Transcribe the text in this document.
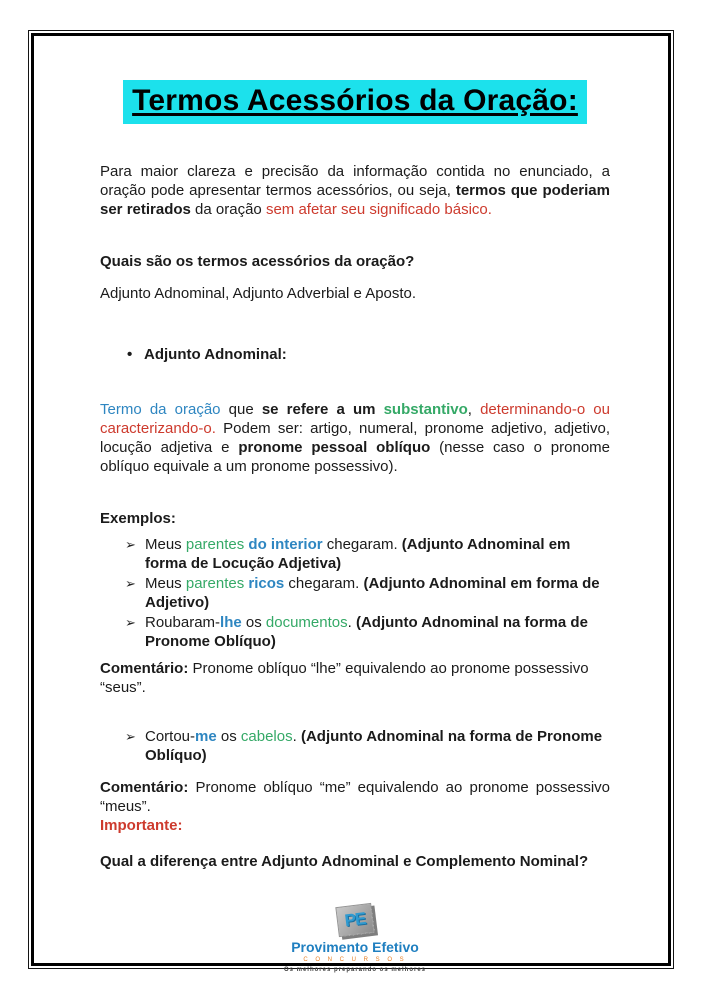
Termos Acessórios da Oração:

Para maior clareza e precisão da informação contida no enunciado, a oração pode apresentar termos acessórios, ou seja, termos que poderiam ser retirados da oração sem afetar seu significado básico.

Quais são os termos acessórios da oração?

Adjunto Adnominal, Adjunto Adverbial e Aposto.

• Adjunto Adnominal:

Termo da oração que se refere a um substantivo, determinando-o ou caracterizando-o. Podem ser: artigo, numeral, pronome adjetivo, adjetivo, locução adjetiva e pronome pessoal oblíquo (nesse caso o pronome oblíquo equivale a um pronome possessivo).

Exemplos:

➢ Meus parentes do interior chegaram. (Adjunto Adnominal em forma de Locução Adjetiva)
➢ Meus parentes ricos chegaram. (Adjunto Adnominal em forma de Adjetivo)
➢ Roubaram-lhe os documentos. (Adjunto Adnominal na forma de Pronome Oblíquo)

Comentário: Pronome oblíquo “lhe” equivalendo ao pronome possessivo “seus”.

➢ Cortou-me os cabelos. (Adjunto Adnominal na forma de Pronome Oblíquo)

Comentário: Pronome oblíquo “me” equivalendo ao pronome possessivo “meus”.

Importante:

Qual a diferença entre Adjunto Adnominal e Complemento Nominal?

PE
Provimento Efetivo
C O N C U R S O S
Os melhores preparando os melhores
